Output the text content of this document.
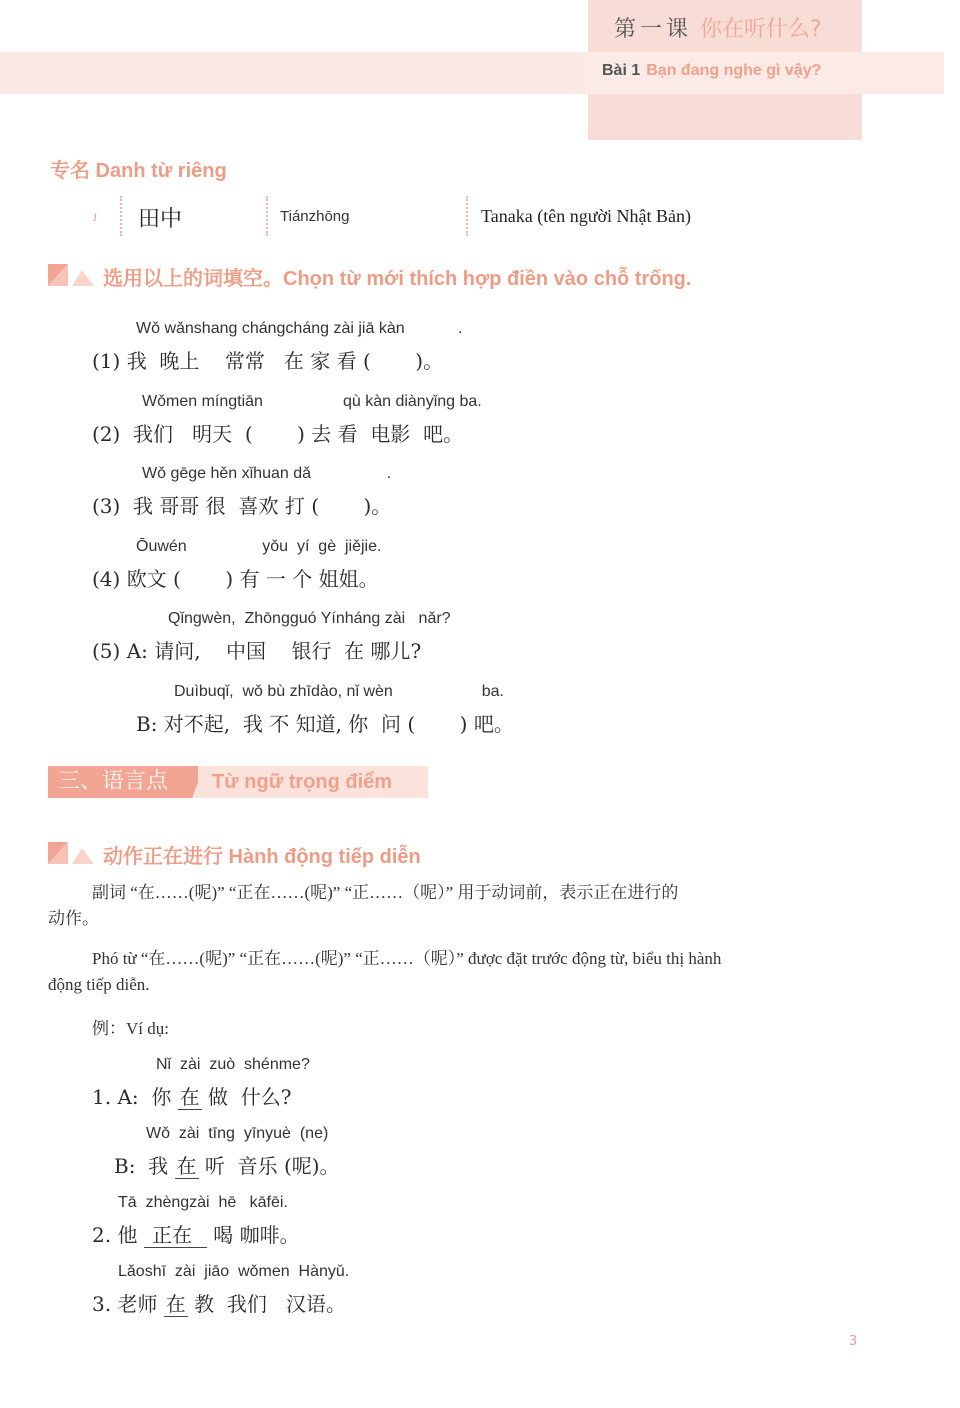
第一课 你在听什么?
Bài 1 Bạn đang nghe gì vậy?
专名 Danh từ riêng
1 田中	Tiánzhōng	Tanaka (tên người Nhật Bản)
选用以上的词填空。Chọn từ mới thích hợp điền vào chỗ trống.
Wǒ wǎnshang chángcháng zài jiā kàn            .
(1) 我  晚上    常常   在 家 看 (       )。
Wǒmen míngtiān                  qù kàn diànyǐng ba.
(2)  我们   明天  (       ) 去 看  电影  吧。
Wǒ gēge hěn xǐhuan dǎ                 .
(3)  我 哥哥 很  喜欢 打 (       )。
Ōuwén                 yǒu  yí  gè  jiějie.
(4) 欧文 (       ) 有 一 个 姐姐。
Qǐngwèn,  Zhōngguó Yínháng zài   nǎr?
(5) A: 请问,    中国    银行  在 哪儿?
Duìbuqǐ,  wǒ bù zhīdào, nǐ wèn                    ba.
B: 对不起,  我 不 知道, 你  问 (       ) 吧。
三、语言点	Từ ngữ trọng điểm
动作正在进行 Hành động tiếp diễn
副词 “在……(呢)” “正在……(呢)” “正……（呢）” 用于动词前，表示正在进行的
动作。
Phó từ “在……(呢)” “正在……(呢)” “正……（呢）” được đặt trước động từ, biểu thị hành
động tiếp diễn.
例：Ví dụ:
Nǐ  zài  zuò  shénme?
1. A:  你 在 做  什么?
Wǒ  zài  tīng  yīnyuè  (ne)
B:  我 在 听  音乐 (呢)。
Tā  zhèngzài  hē   kāfēi.
2. 他  正在   喝 咖啡。
Lǎoshī  zài  jiāo  wǒmen  Hànyǔ.
3. 老师 在 教  我们   汉语。
3
